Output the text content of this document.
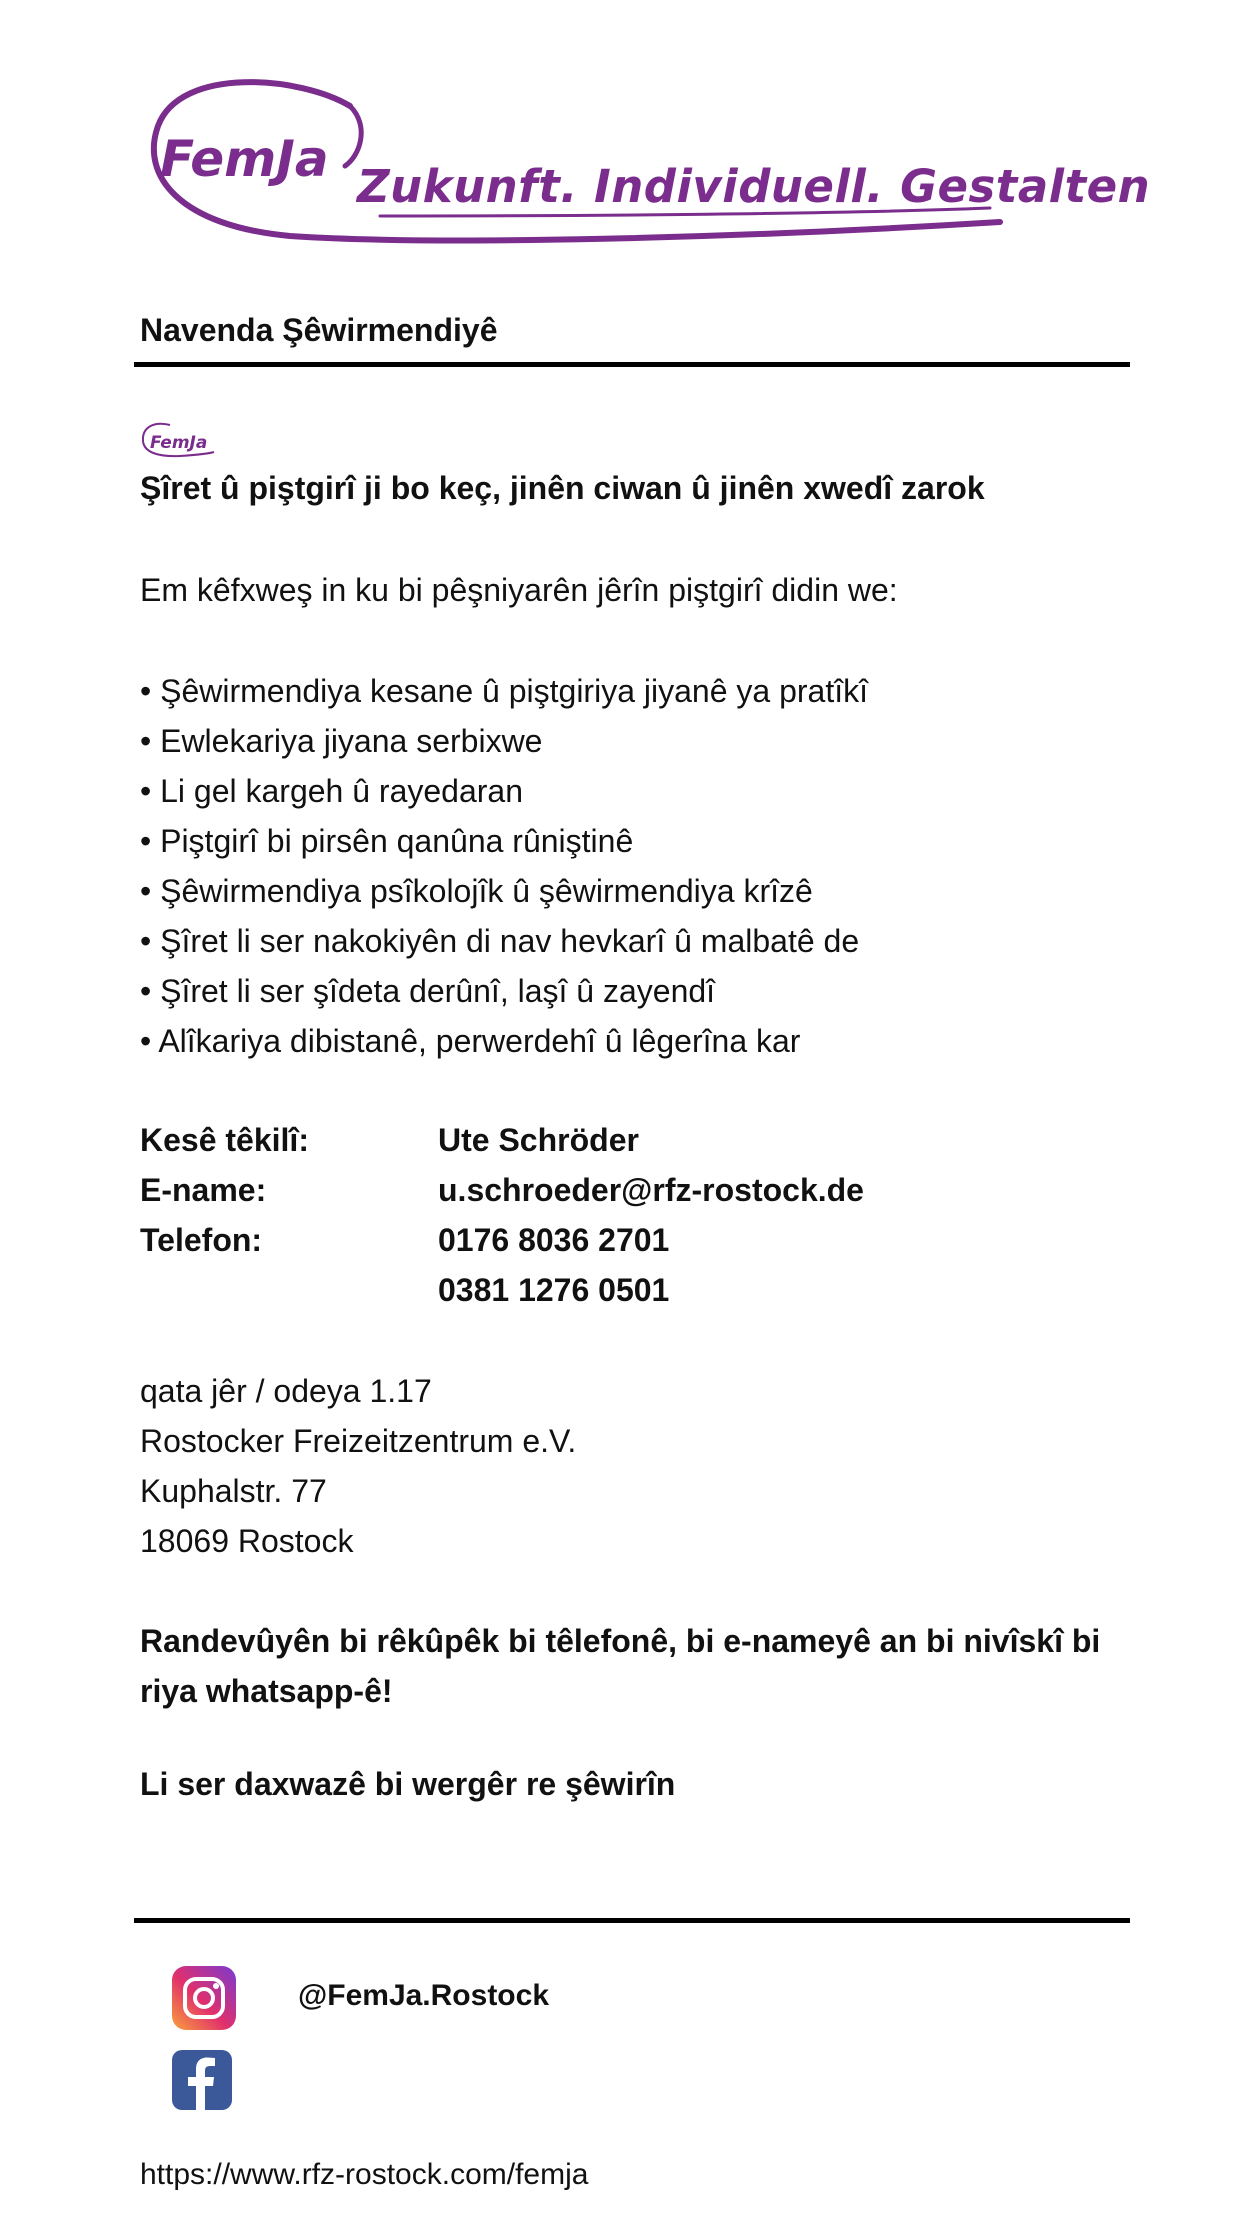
FemJa Zukunft. Individuell. Gestalten
Navenda Şêwirmendiyê
FemJa
Şîret û piştgirî ji bo keç, jinên ciwan û jinên xwedî zarok
Em kêfxweş in ku bi pêşniyarên jêrîn piştgirî didin we:
• Şêwirmendiya kesane û piştgiriya jiyanê ya pratîkî
• Ewlekariya jiyana serbixwe
• Li gel kargeh û rayedaran
• Piştgirî bi pirsên qanûna rûniştinê
• Şêwirmendiya psîkolojîk û şêwirmendiya krîzê
• Şîret li ser nakokiyên di nav hevkarî û malbatê de
• Şîret li ser şîdeta derûnî, laşî û zayendî
• Alîkariya dibistanê, perwerdehî û lêgerîna kar
Kesê têkilî:	Ute Schröder
E-name:	u.schroeder@rfz-rostock.de
Telefon:	0176 8036 2701
0381 1276 0501
qata jêr / odeya 1.17
Rostocker Freizeitzentrum e.V.
Kuphalstr. 77
18069 Rostock
Randevûyên bi rêkûpêk bi têlefonê, bi e-nameyê an bi nivîskî bi riya whatsapp-ê!
Li ser daxwazê bi wergêr re şêwirîn
@FemJa.Rostock
https://www.rfz-rostock.com/femja
